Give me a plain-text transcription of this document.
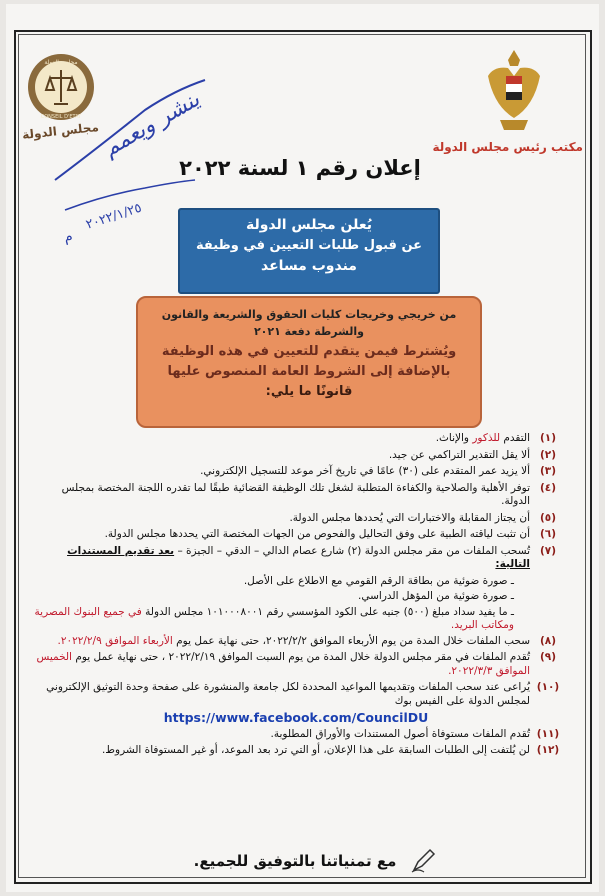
مكتب رئيس مجلس الدولة
مجلس الدولة
CONSEIL D'ETAT
مجلس الدولة ينشر ويعمم
٢٠٢٢/١/٢٥
م
إعلان رقم ١ لسنة ٢٠٢٢
يُعلن مجلس الدولة
عن قبول طلبات التعيين في وظيفة
مندوب مساعد
من خريجي وخريجات كليات الحقوق والشريعة والقانون
والشرطة دفعة ٢٠٢١
ويُشترط فيمن يتقدم للتعيين في هذه الوظيفة
بالإضافة إلى الشروط العامة المنصوص عليها
قانونًا ما يلي:
(١)
التقدم للذكور والإناث.
(٢)
ألا يقل التقدير التراكمي عن جيد.
(٣)
ألا يزيد عمر المتقدم على (٣٠) عامًا في تاريخ آخر موعد للتسجيل الإلكتروني.
(٤)
توفر الأهلية والصلاحية والكفاءة المتطلبة لشغل تلك الوظيفة القضائية طبقًا لما تقدره اللجنة المختصة بمجلس الدولة.
(٥)
أن يجتاز المقابلة والاختبارات التي يُحددها مجلس الدولة.
(٦)
أن تثبت لياقته الطبية على وفق التحاليل والفحوص من الجهات المختصة التي يحددها مجلس الدولة.
(٧)
تُسحب الملفات من مقر مجلس الدولة (٢) شارع عصام الدالي – الدقي – الجيزة – بعد تقديم المستندات التالية:
ـ صورة ضوئية من بطاقة الرقم القومي مع الاطلاع على الأصل.
ـ صورة ضوئية من المؤهل الدراسي.
ـ ما يفيد سداد مبلغ (٥٠٠) جنيه على الكود المؤسسي رقم ١٠١٠٠٠٨٠٠١ مجلس الدولة في جميع البنوك المصرية ومكاتب البريد.
(٨)
سحب الملفات خلال المدة من يوم الأربعاء الموافق ٢٠٢٢/٢/٢، حتى نهاية عمل يوم الأربعاء الموافق ٢٠٢٢/٢/٩.
(٩)
تُقدم الملفات في مقر مجلس الدولة خلال المدة من يوم السبت الموافق ٢٠٢٢/٢/١٩ ، حتى نهاية عمل يوم الخميس الموافق ٢٠٢٢/٣/٣.
(١٠)
يُراعى عند سحب الملفات وتقديمها المواعيد المحددة لكل جامعة والمنشورة على صفحة وحدة التوثيق الإلكتروني لمجلس الدولة على الفيس بوك
https://www.facebook.com/CouncilDU
(١١)
تُقدم الملفات مستوفاة أصول المستندات والأوراق المطلوبة.
(١٢)
لن يُلتفت إلى الطلبات السابقة على هذا الإعلان، أو التي ترد بعد الموعد، أو غير المستوفاة الشروط.
مع تمنياتنا بالتوفيق للجميع.
